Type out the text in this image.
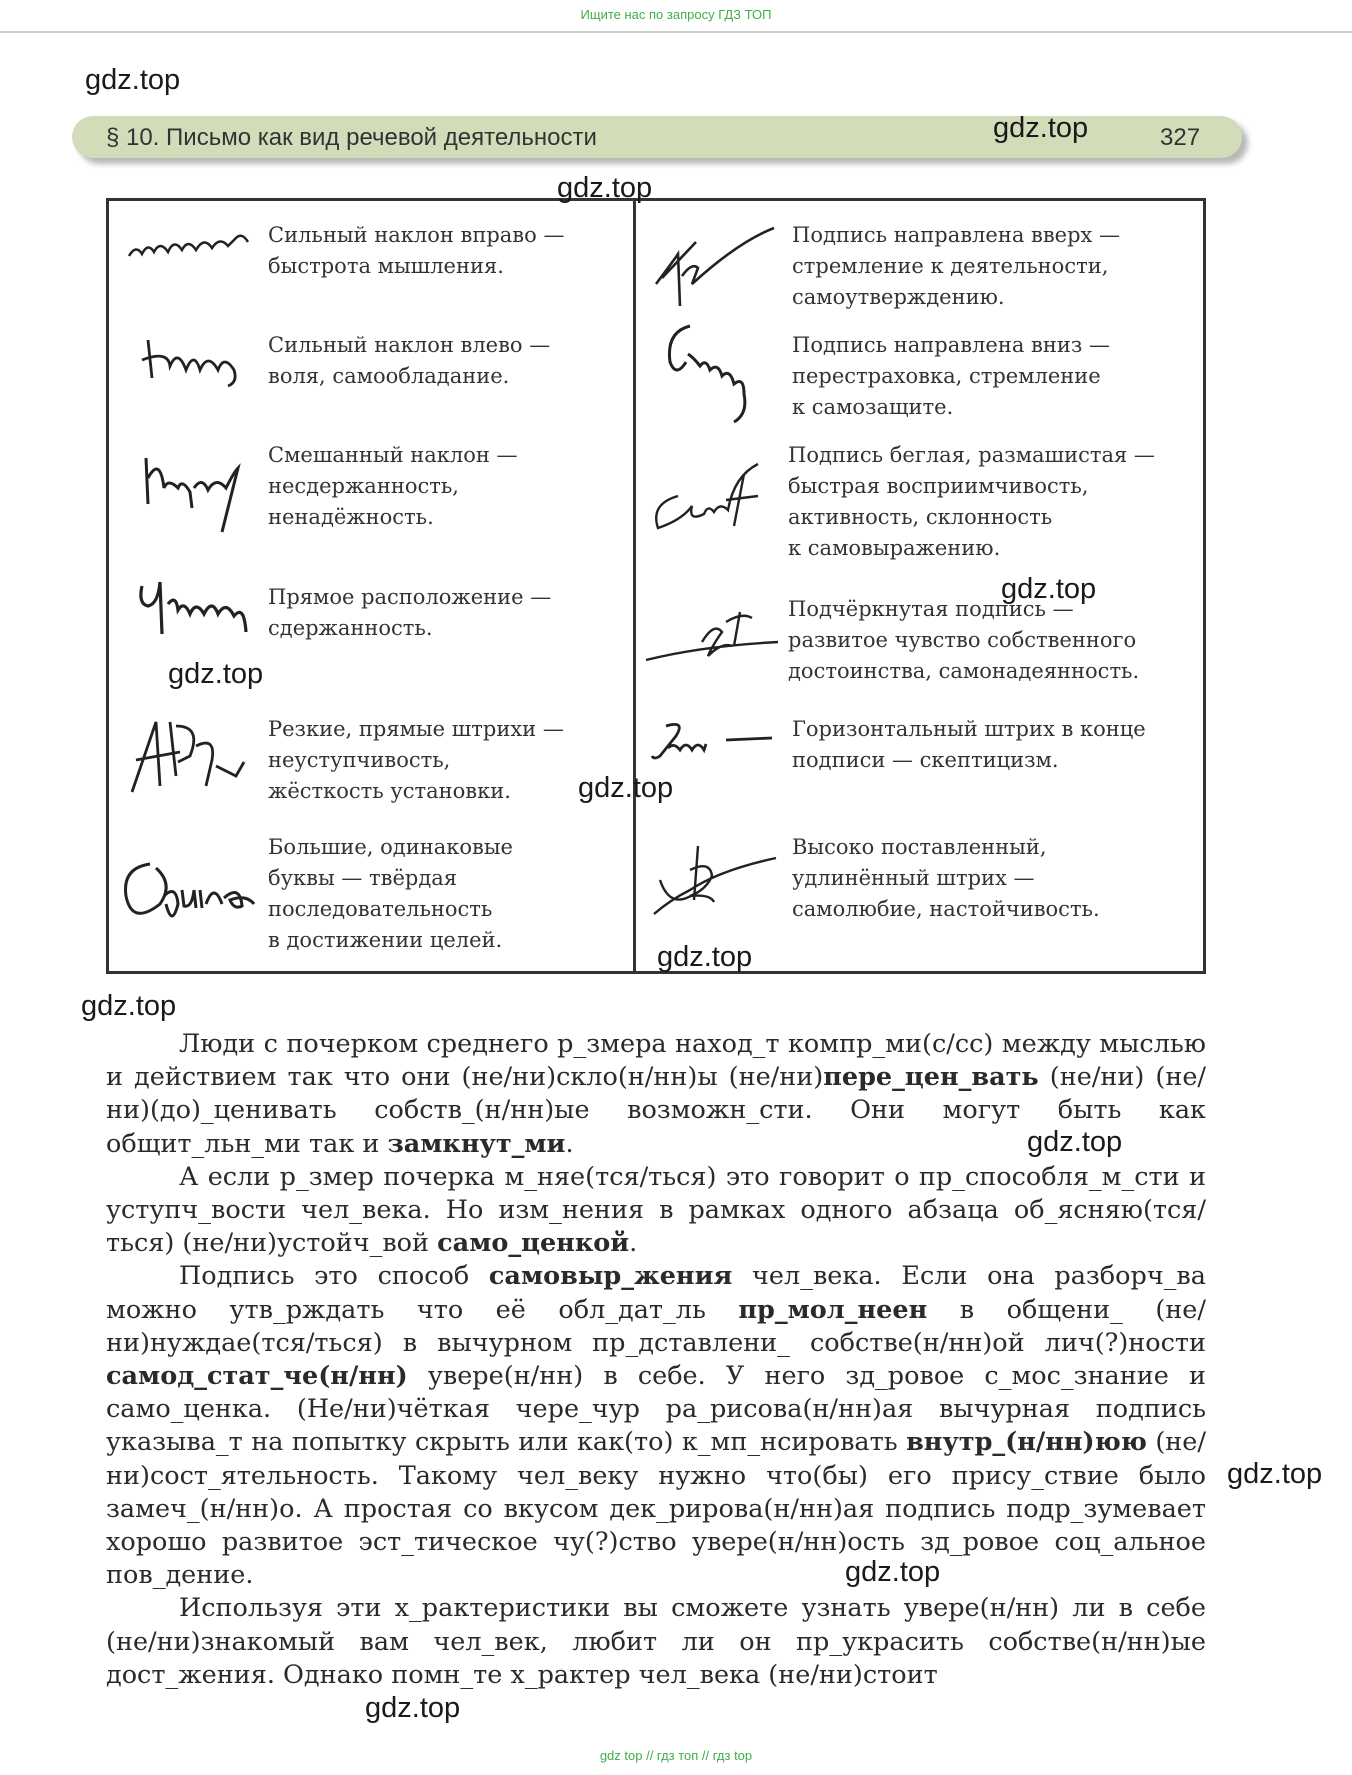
Ищите нас по запросу ГДЗ ТОП
gdz.top
§ 10. Письмо как вид речевой деятельности	327
gdz.top
gdz.top
Сильный наклон вправо —
быстрота мышления.
Сильный наклон влево —
воля, самообладание.
Смешанный наклон —
несдержанность,
ненадёжность.
Прямое расположение —
сдержанность.
gdz.top
Резкие, прямые штрихи —
неуступчивость,
жёсткость установки.
Большие, одинаковые
буквы — твёрдая
последовательность
в достижении целей.
Подпись направлена вверх —
стремление к деятельности,
самоутверждению.
Подпись направлена вниз —
перестраховка, стремление
к самозащите.
Подпись беглая, размашистая —
быстрая восприимчивость,
активность, склонность
к самовыражению.
gdz.top
Подчёркнутая подпись —
развитое чувство собственного
достоинства, самонадеянность.
Горизонтальный штрих в конце
подписи — скептицизм.
gdz.top
Высоко поставленный,
удлинённый штрих —
самолюбие, настойчивость.
gdz.top
gdz.top

Люди с почерком среднего р_змера наход_т компр_ми(с/сс) между мыслью и действием так что они (не/ни)скло(н/нн)ы (не/ни)пере_цен_вать (не/ни) (не/ни)(до)_ценивать собств_(н/нн)ые возможн_сти. Они могут быть как общит_льн_ми так и замкнут_ми.

А если р_змер почерка м_няе(тся/ться) это говорит о пр_способля_м_сти и уступч_вости чел_века. Но изм_нения в рамках одного абзаца об_ясняю(тся/ться) (не/ни)устойч_вой само_ценкой.

Подпись это способ самовыр_жения чел_века. Если она разборч_ва можно утв_рждать что её обл_дат_ль пр_мол_неен в общени_ (не/ни)нуждае(тся/ться) в вычурном пр_дставлени_ собстве(н/нн)ой лич(?)ности самод_стат_че(н/нн) увере(н/нн) в себе. У него зд_ровое с_мос_знание и само_ценка. (Не/ни)чёткая чере_чур ра_рисова(н/нн)ая вычурная подпись указыва_т на попытку скрыть или как(то) к_мп_нсировать внутр_(н/нн)юю (не/ни)сост_ятельность. Такому чел_веку нужно что(бы) его прису_ствие было замеч_(н/нн)о. А простая со вкусом дек_рирова(н/нн)ая подпись подр_зумевает хорошо развитое эст_тическое чу(?)ство увере(н/нн)ость зд_ровое соц_альное пов_дение.

Используя эти х_рактеристики вы сможете узнать увере(н/нн) ли в себе (не/ни)знакомый вам чел_век, любит ли он пр_украсить собстве(н/нн)ые дост_жения. Однако помн_те х_рактер чел_века (не/ни)стоит

gdz.top
gdz.top
gdz.top
gdz.top
gdz top // гдз топ // гдз top
